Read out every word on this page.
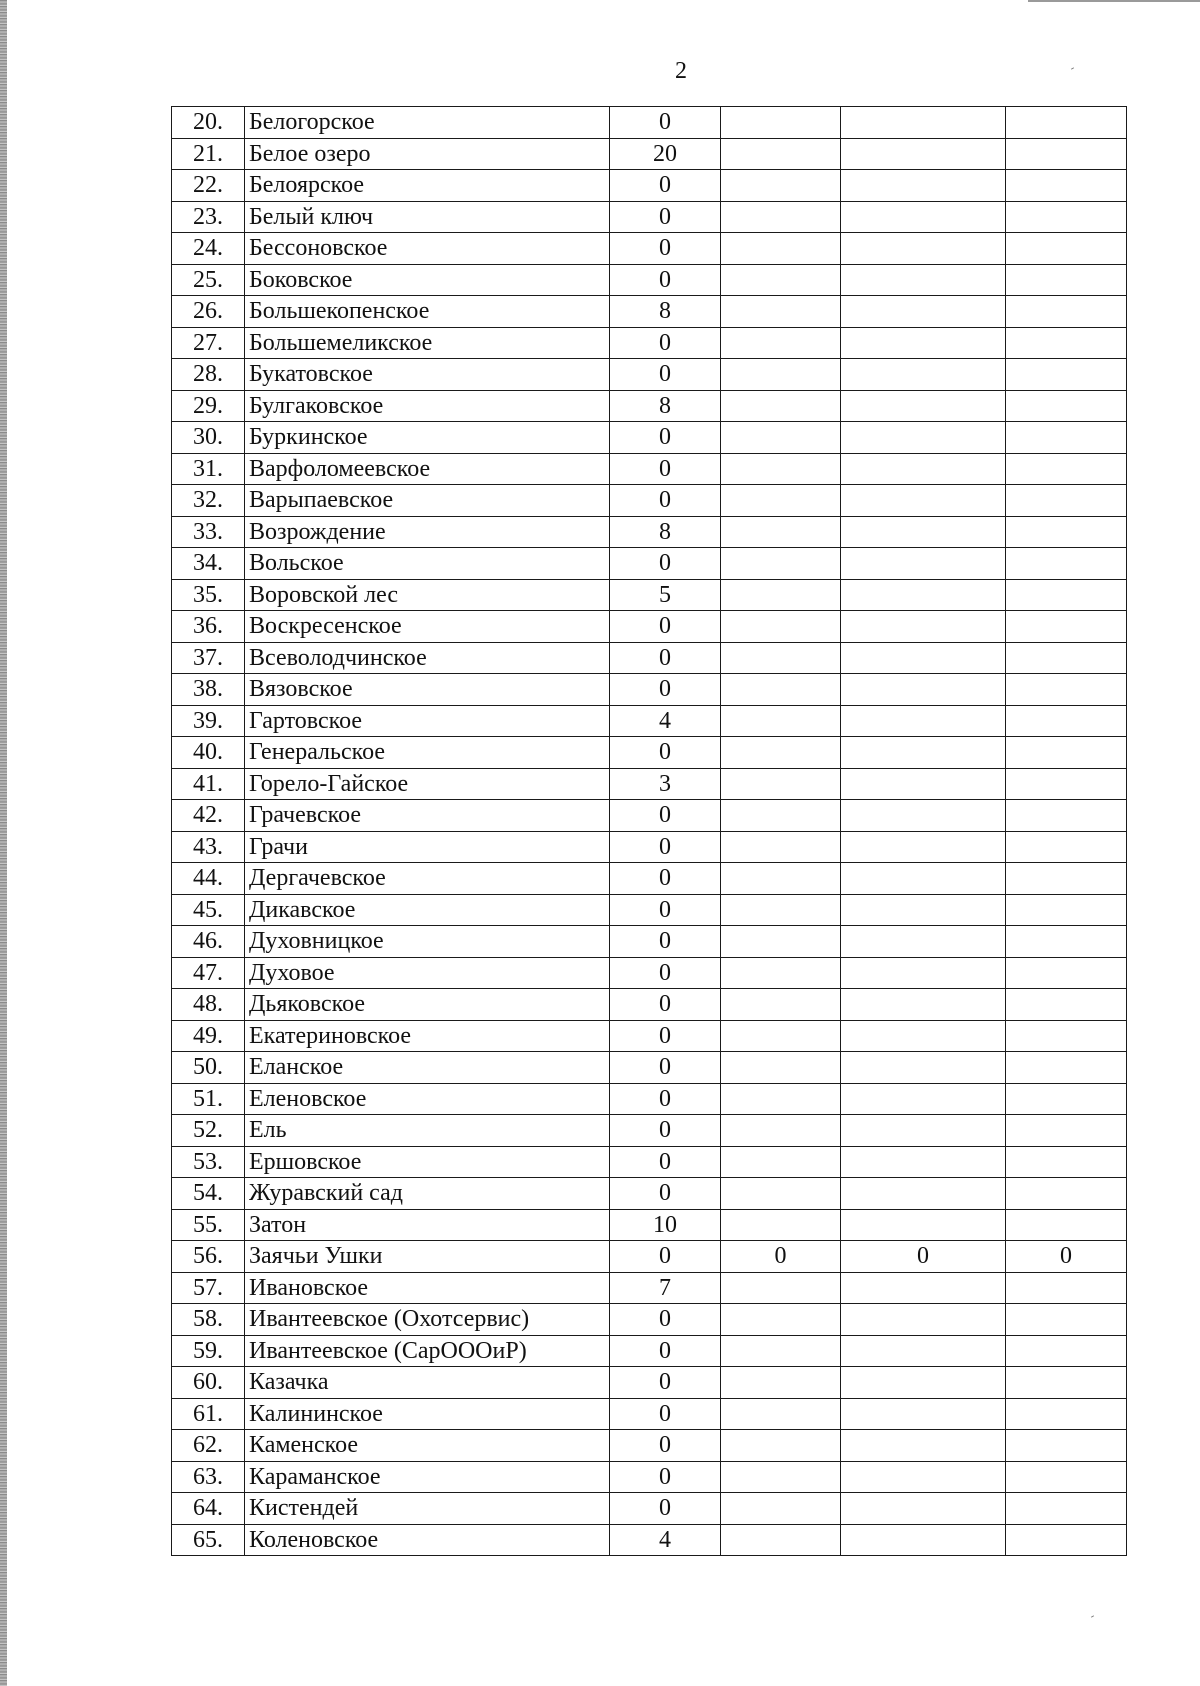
2
20.	Белогорское	0			
21.	Белое озеро	20			
22.	Белоярское	0			
23.	Белый ключ	0			
24.	Бессоновское	0			
25.	Боковское	0			
26.	Большекопенское	8			
27.	Большемеликское	0			
28.	Букатовское	0			
29.	Булгаковское	8			
30.	Буркинское	0			
31.	Варфоломеевское	0			
32.	Варыпаевское	0			
33.	Возрождение	8			
34.	Вольское	0			
35.	Воровской лес	5			
36.	Воскресенское	0			
37.	Всеволодчинское	0			
38.	Вязовское	0			
39.	Гартовское	4			
40.	Генеральское	0			
41.	Горело-Гайское	3			
42.	Грачевское	0			
43.	Грачи	0			
44.	Дергачевское	0			
45.	Дикавское	0			
46.	Духовницкое	0			
47.	Духовое	0			
48.	Дьяковское	0			
49.	Екатериновское	0			
50.	Еланское	0			
51.	Еленовское	0			
52.	Ель	0			
53.	Ершовское	0			
54.	Журавский сад	0			
55.	Затон	10			
56.	Заячьи Ушки	0	0	0	0
57.	Ивановское	7			
58.	Ивантеевское (Охотсервис)	0			
59.	Ивантеевское (СарОООиР)	0			
60.	Казачка	0			
61.	Калининское	0			
62.	Каменское	0			
63.	Караманское	0			
64.	Кистендей	0			
65.	Коленовское	4			
